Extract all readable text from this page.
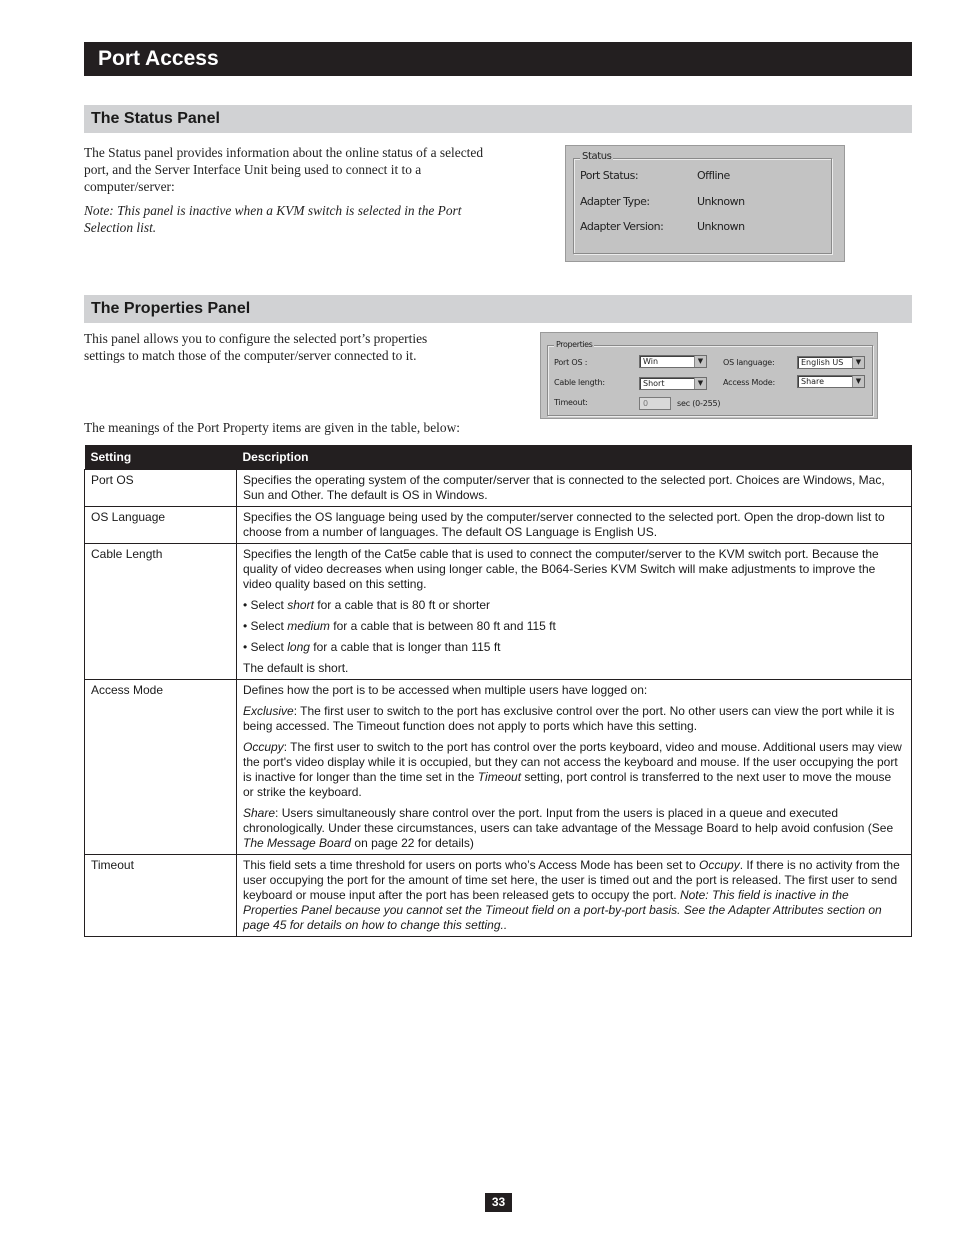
Port Access
The Status Panel

The Status panel provides information about the online status of a selected port, and the Server Interface Unit being used to connect it to a computer/server:

Note: This panel is inactive when a KVM switch is selected in the Port Selection list.

Status
Port Status:	Offline
Adapter Type:	Unknown
Adapter Version:	Unknown
The Properties Panel
This panel allows you to configure the selected port’s properties settings to match those of the computer/server connected to it.
Properties
Port OS :	Win	▼	OS language:	English US	▼
Cable length:	Short	▼	Access Mode:	Share	▼
Timeout:	0	sec (0-255)
The meanings of the Port Property items are given in the table, below:
Setting	Description
Port OS	Specifies the operating system of the computer/server that is connected to the selected port. Choices are Windows, Mac, Sun and Other. The default is OS in Windows.
OS Language	Specifies the OS language being used by the computer/server connected to the selected port. Open the drop-down list to choose from a number of languages. The default OS Language is English US.
Cable Length	Specifies the length of the Cat5e cable that is used to connect the computer/server to the KVM switch port. Because the quality of video decreases when using longer cable, the B064-Series KVM Switch will make adjustments to improve the video quality based on this setting.

• Select short for a cable that is 80 ft or shorter

• Select medium for a cable that is between 80 ft and 115 ft

• Select long for a cable that is longer than 115 ft

The default is short.

Access Mode	Defines how the port is to be accessed when multiple users have logged on:

Exclusive: The first user to switch to the port has exclusive control over the port. No other users can view the port while it is being accessed. The Timeout function does not apply to ports which have this setting.

Occupy: The first user to switch to the port has control over the ports keyboard, video and mouse. Additional users may view the port's video display while it is occupied, but they can not access the keyboard and mouse. If the user occupying the port is inactive for longer than the time set in the Timeout setting, port control is transferred to the next user to move the mouse or strike the keyboard.

Share: Users simultaneously share control over the port. Input from the users is placed in a queue and executed chronologically. Under these circumstances, users can take advantage of the Message Board to help avoid confusion (See The Message Board on page 22 for details)

Timeout	This field sets a time threshold for users on ports who’s Access Mode has been set to Occupy. If there is no activity from the user occupying the port for the amount of time set here, the user is timed out and the port is released. The first user to send keyboard or mouse input after the port has been released gets to occupy the port. Note: This field is inactive in the Properties Panel because you cannot set the Timeout field on a port-by-port basis. See the Adapter Attributes section on page 45 for details on how to change this setting..
33
